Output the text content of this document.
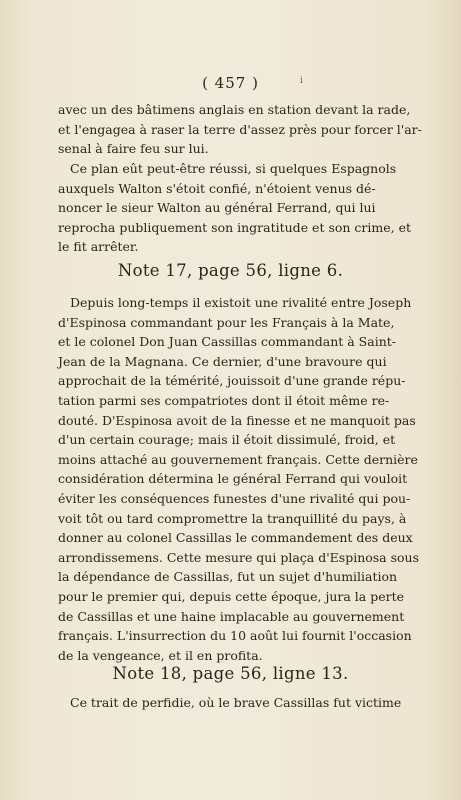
( 457 )	i
avec un des bâtimens anglais en station devant la rade,
et l'engagea à raser la terre d'assez près pour forcer l'ar-
senal à faire feu sur lui.
Ce plan eût peut-être réussi, si quelques Espagnols
auxquels Walton s'étoit confié, n'étoient venus dé-
noncer le sieur Walton au général Ferrand, qui lui
reprocha publiquement son ingratitude et son crime, et
le fit arrêter.
Note 17, page 56, ligne 6.
Depuis long-temps il existoit une rivalité entre Joseph
d'Espinosa commandant pour les Français à la Mate,
et le colonel Don Juan Cassillas commandant à Saint-
Jean de la Magnana. Ce dernier, d'une bravoure qui
approchait de la témérité, jouissoit d'une grande répu-
tation parmi ses compatriotes dont il étoit même re-
douté. D'Espinosa avoit de la finesse et ne manquoit pas
d'un certain courage; mais il étoit dissimulé, froid, et
moins attaché au gouvernement français. Cette dernière
considération détermina le général Ferrand qui vouloit
éviter les conséquences funestes d'une rivalité qui pou-
voit tôt ou tard compromettre la tranquillité du pays, à
donner au colonel Cassillas le commandement des deux
arrondissemens. Cette mesure qui plaça d'Espinosa sous
la dépendance de Cassillas, fut un sujet d'humiliation
pour le premier qui, depuis cette époque, jura la perte
de Cassillas et une haine implacable au gouvernement
français. L'insurrection du 10 août lui fournit l'occasion
de la vengeance, et il en profita.
Note 18, page 56, ligne 13.
Ce trait de perfidie, où le brave Cassillas fut victime
